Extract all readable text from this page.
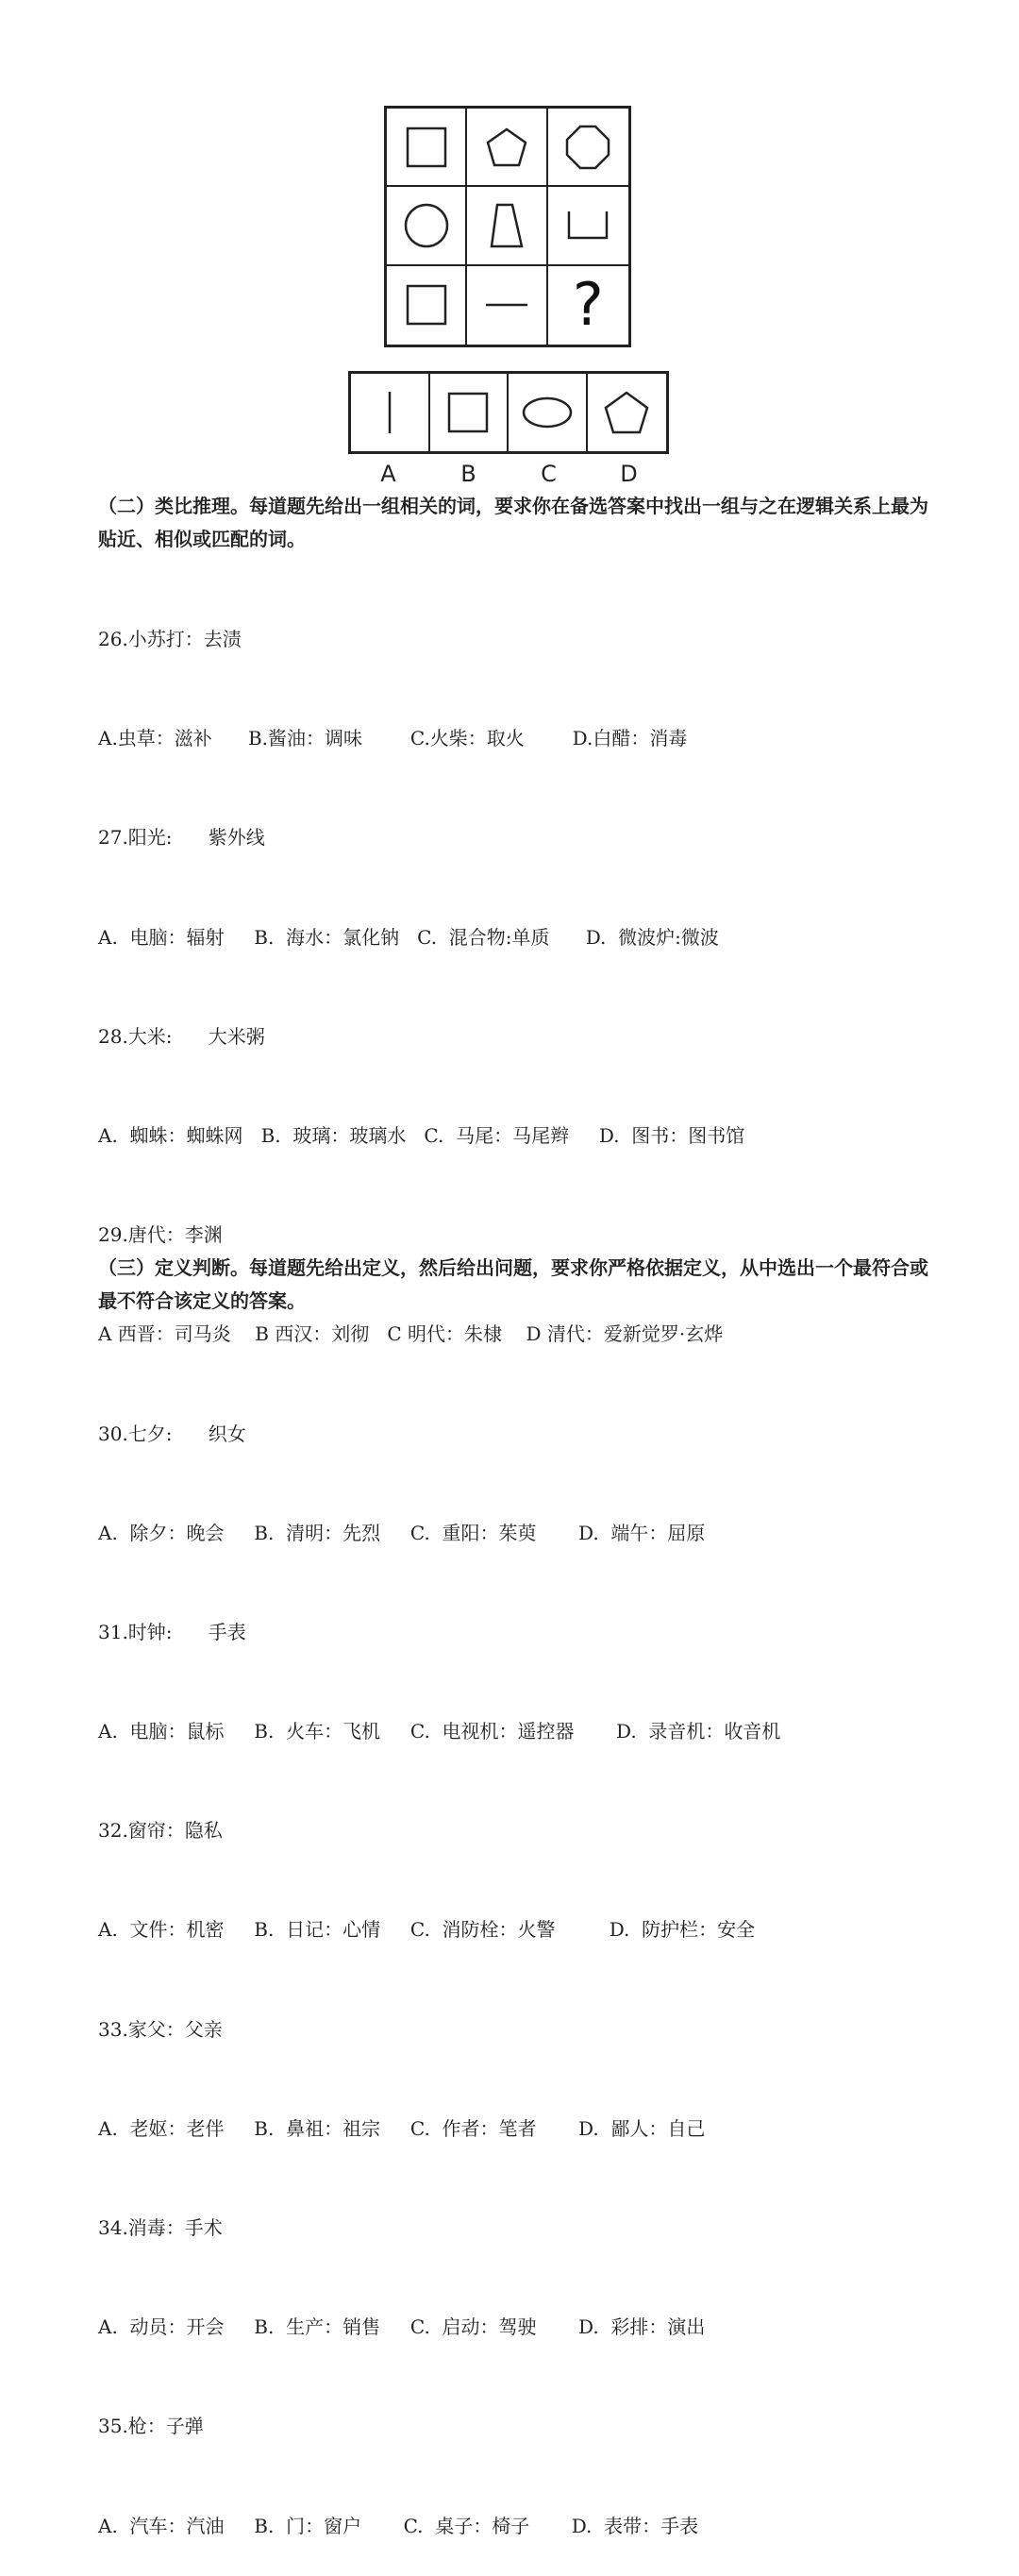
?
A	B	C	D
（二）类比推理。每道题先给出一组相关的词，要求你在备选答案中找出一组与之在逻辑关系上最为贴近、相似或匹配的词。

26.小苏打：去渍

A.虫草：滋补      B.酱油：调味        C.火柴：取火        D.白醋：消毒

27.阳光:      紫外线

A.  电脑：辐射     B.  海水：氯化钠   C.  混合物:单质      D.  微波炉:微波

28.大米:      大米粥

A.  蜘蛛：蜘蛛网   B.  玻璃：玻璃水   C.  马尾：马尾辫     D.  图书：图书馆

29.唐代：李渊

A 西晋：司马炎    B 西汉：刘彻   C 明代：朱棣    D 清代：爱新觉罗·玄烨

30.七夕:      织女

A.  除夕：晚会     B.  清明：先烈     C.  重阳：茱萸       D.  端午：屈原

31.时钟:      手表

A.  电脑：鼠标     B.  火车：飞机     C.  电视机：遥控器       D.  录音机：收音机

32.窗帘：隐私

A.  文件：机密     B.  日记：心情     C.  消防栓：火警         D.  防护栏：安全

33.家父：父亲

A.  老妪：老伴     B.  鼻祖：祖宗     C.  作者：笔者       D.  鄙人：自己

34.消毒：手术

A.  动员：开会     B.  生产：销售     C.  启动：驾驶       D.  彩排：演出

35.枪：子弹

A.  汽车：汽油     B.  门：窗户       C.  桌子：椅子       D.  表带：手表

（三）定义判断。每道题先给出定义，然后给出问题，要求你严格依据定义，从中选出一个最符合或最不符合该定义的答案。
